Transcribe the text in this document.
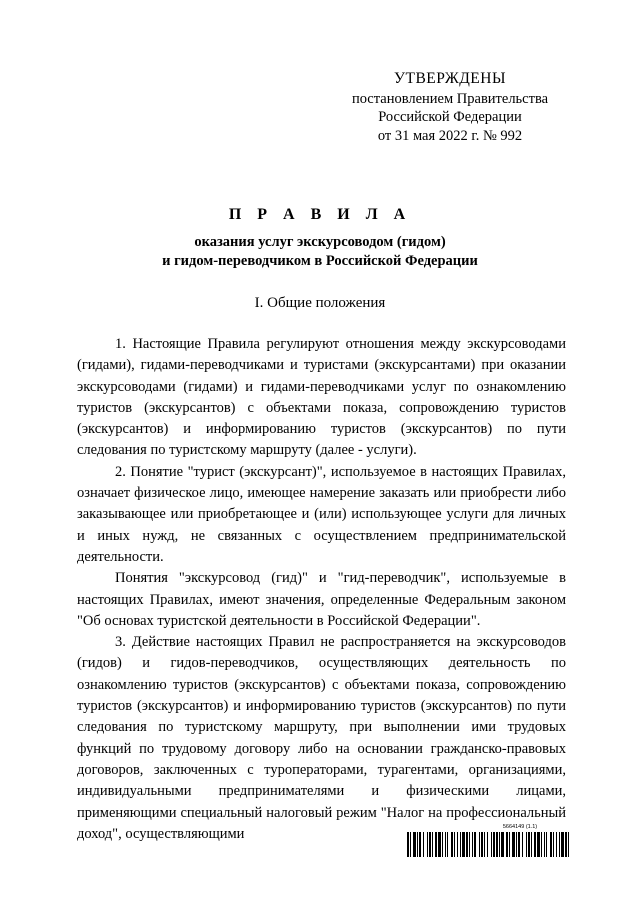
УТВЕРЖДЕНЫ
постановлением Правительства
Российской Федерации
от 31 мая 2022 г. № 992
П Р А В И Л А
оказания услуг экскурсоводом (гидом)
и гидом-переводчиком в Российской Федерации
I. Общие положения

1. Настоящие Правила регулируют отношения между экскурсоводами (гидами), гидами-переводчиками и туристами (экскурсантами) при оказании экскурсоводами (гидами) и гидами-переводчиками услуг по ознакомлению туристов (экскурсантов) с объектами показа, сопровождению туристов (экскурсантов) и информированию туристов (экскурсантов) по пути следования по туристскому маршруту (далее - услуги).

2. Понятие "турист (экскурсант)", используемое в настоящих Правилах, означает физическое лицо, имеющее намерение заказать или приобрести либо заказывающее или приобретающее и (или) использующее услуги для личных и иных нужд, не связанных с осуществлением предпринимательской деятельности.

Понятия "экскурсовод (гид)" и "гид-переводчик", используемые в настоящих Правилах, имеют значения, определенные Федеральным законом "Об основах туристской деятельности в Российской Федерации".

3. Действие настоящих Правил не распространяется на экскурсоводов (гидов) и гидов-переводчиков, осуществляющих деятельность по ознакомлению туристов (экскурсантов) с объектами показа, сопровождению туристов (экскурсантов) и информированию туристов (экскурсантов) по пути следования по туристскому маршруту, при выполнении ими трудовых функций по трудовому договору либо на основании гражданско-правовых договоров, заключенных с туроператорами, турагентами, организациями, индивидуальными предпринимателями и физическими лицами, применяющими специальный налоговый режим "Налог на профессиональный доход", осуществляющими	5664149 (1.1)
